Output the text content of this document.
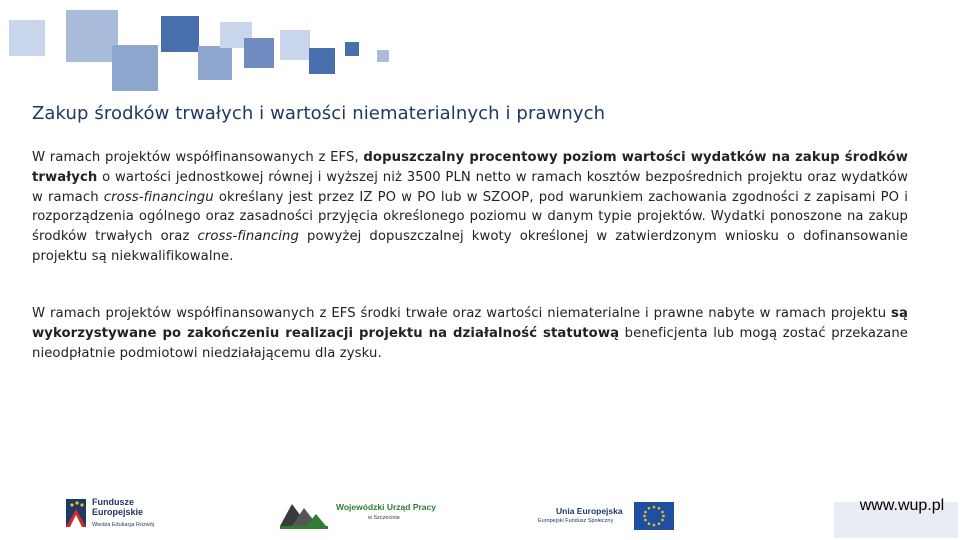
Zakup środków trwałych i wartości niematerialnych i prawnych
W ramach projektów współfinansowanych z EFS, dopuszczalny procentowy poziom wartości wydatków na zakup środków trwałych o wartości jednostkowej równej i wyższej niż 3500 PLN netto w ramach kosztów bezpośrednich projektu oraz wydatków w ramach cross-financingu określany jest przez IZ PO w PO lub w SZOOP, pod warunkiem zachowania zgodności z zapisami PO i rozporządzenia ogólnego oraz zasadności przyjęcia określonego poziomu w danym typie projektów. Wydatki ponoszone na zakup środków trwałych oraz cross-financing powyżej dopuszczalnej kwoty określonej w zatwierdzonym wniosku o dofinansowanie projektu są niekwalifikowalne.
W ramach projektów współfinansowanych z EFS środki trwałe oraz wartości niematerialne i prawne nabyte w ramach projektu są wykorzystywane po zakończeniu realizacji projektu na działalność statutową beneficjenta lub mogą zostać przekazane nieodpłatnie podmiotowi niedziałającemu dla zysku.
Fundusze
Europejskie
Wiedza Edukacja Rozwój
Wojewódzki Urząd Pracy
w Szczecinie
Unia Europejska
Europejski Fundusz Społeczny
www.wup.pl
